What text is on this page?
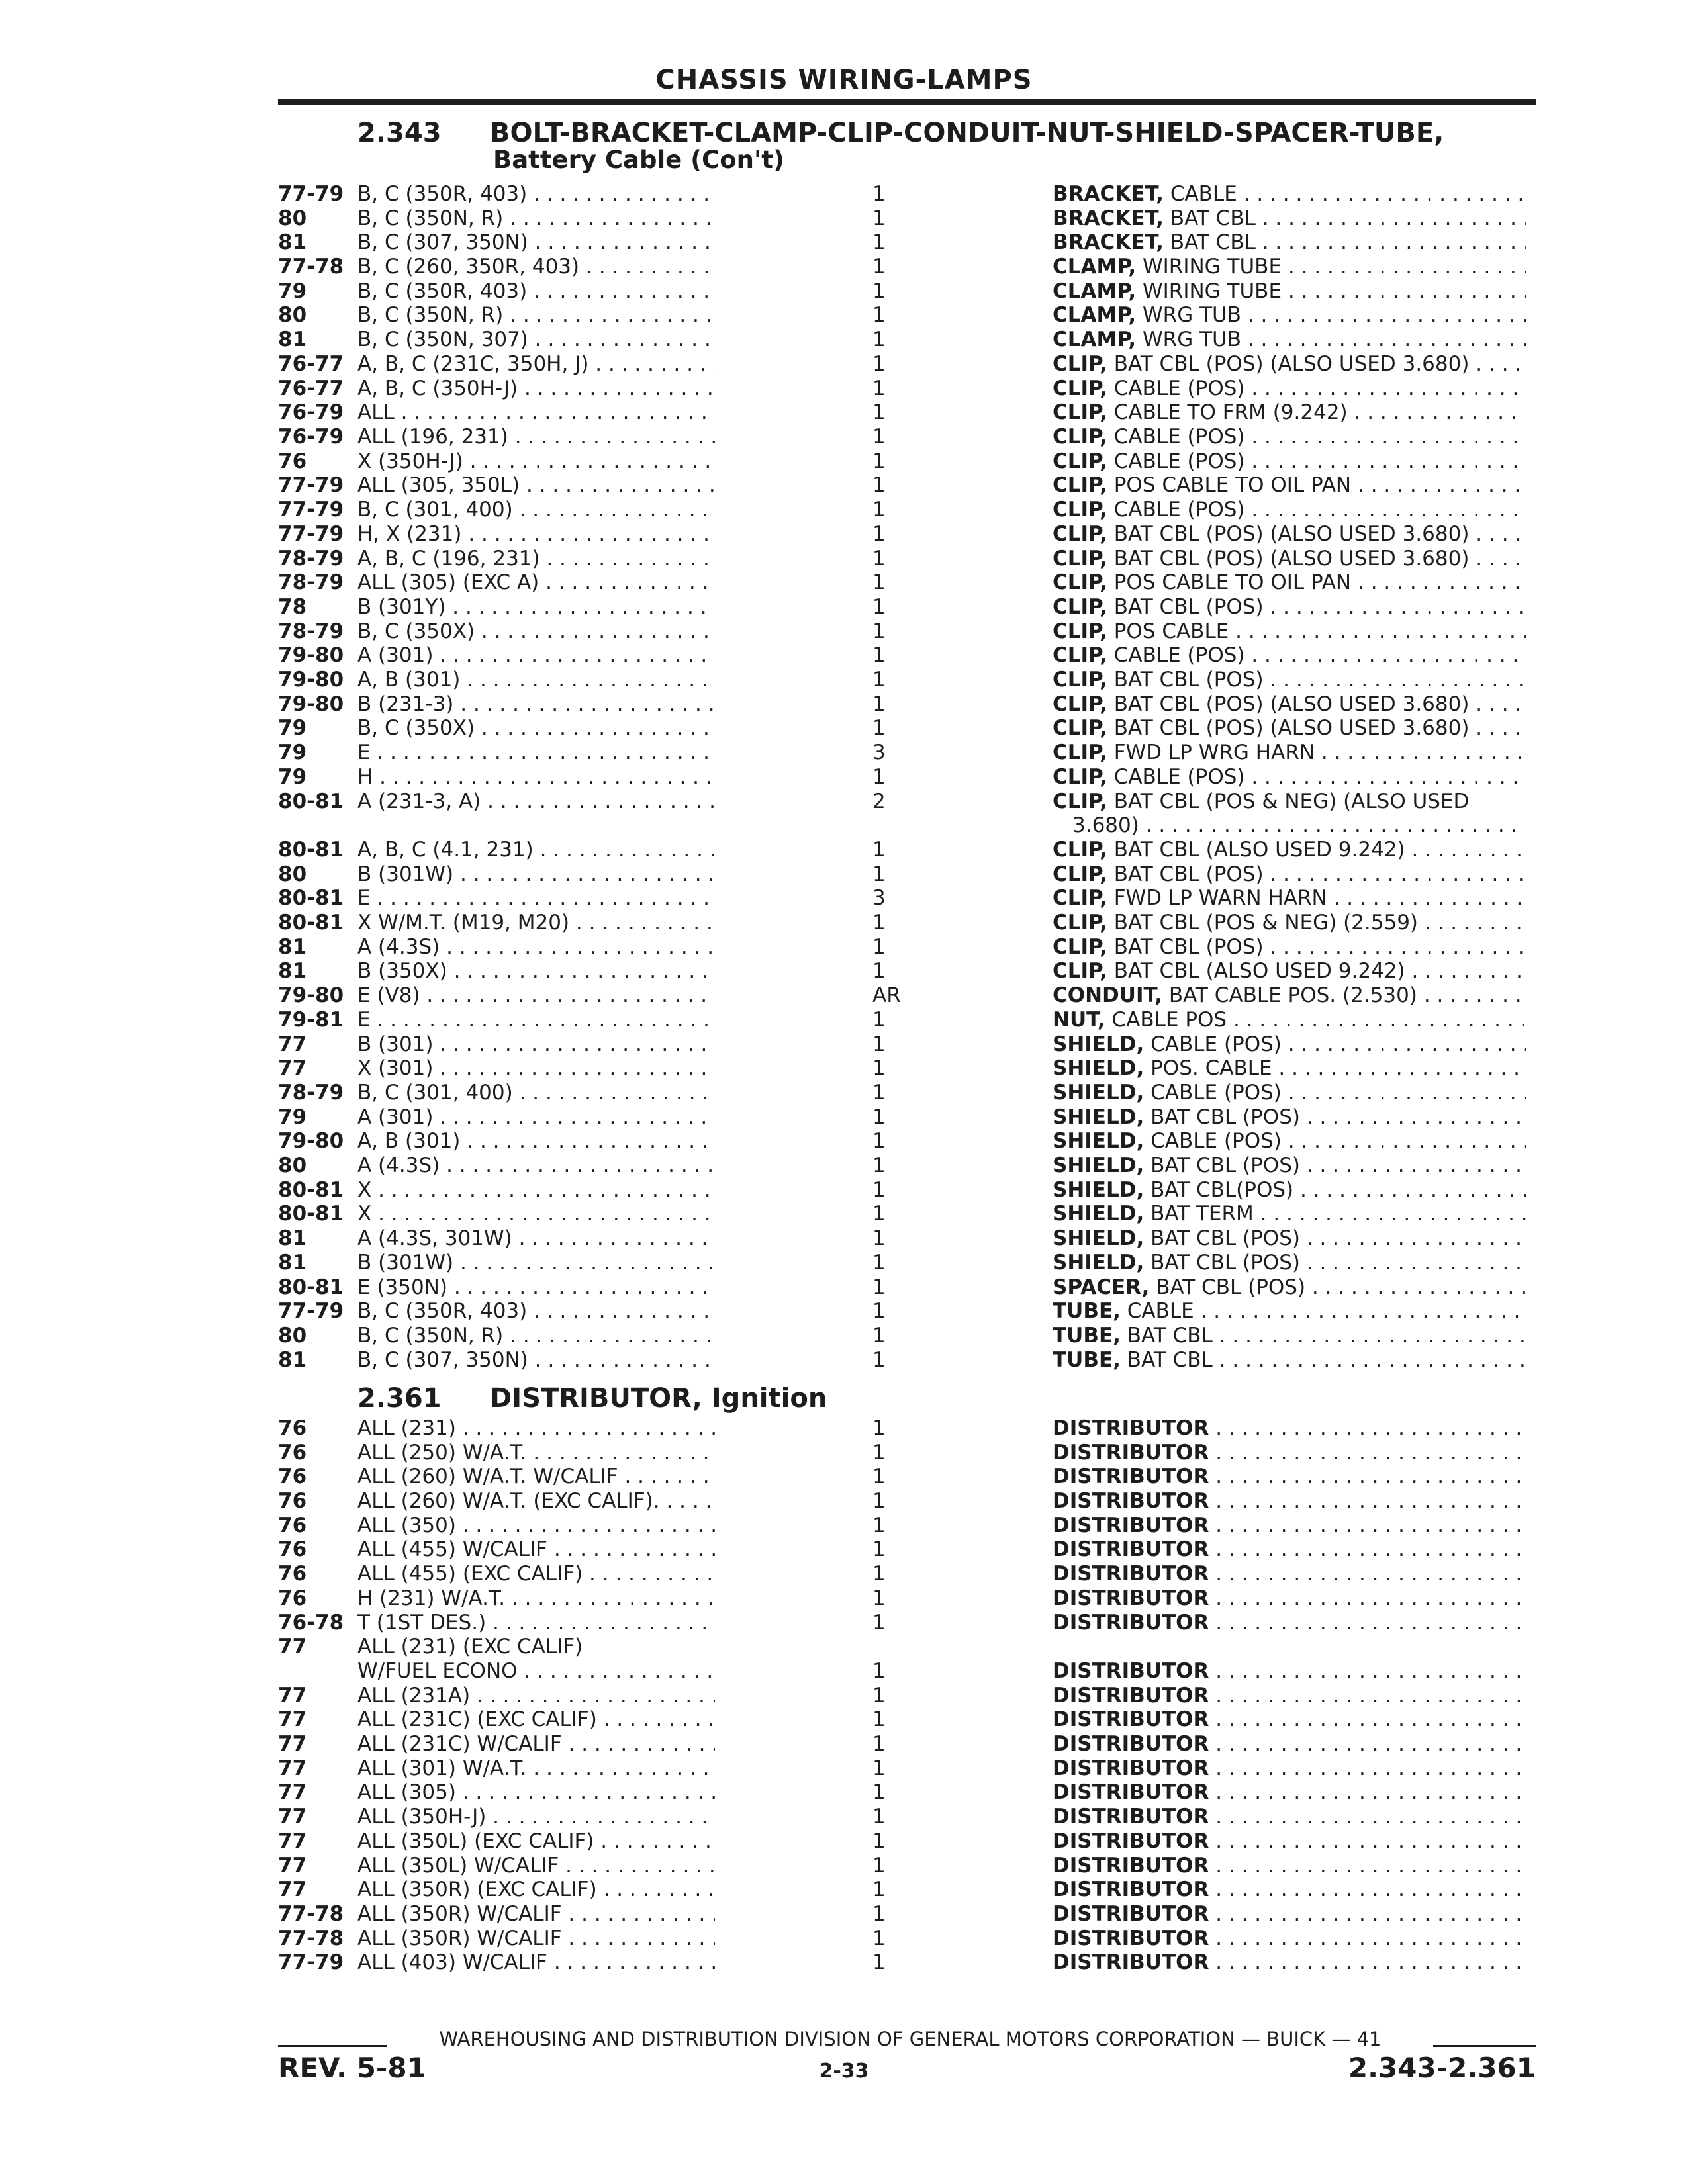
CHASSIS WIRING-LAMPS
2.343 BOLT-BRACKET-CLAMP-CLIP-CONDUIT-NUT-SHIELD-SPACER-TUBE,
Battery Cable (Con't)
77-79 B, C (350R, 403) . . .	1	BRACKET, CABLE . . .
80 B, C (350N, R) . . .	1	BRACKET, BAT CBL . . .
81 B, C (307, 350N) . . .	1	BRACKET, BAT CBL . . .
77-78 B, C (260, 350R, 403) . . .	1	CLAMP, WIRING TUBE . . .
79 B, C (350R, 403) . . .	1	CLAMP, WIRING TUBE . . .
80 B, C (350N, R) . . .	1	CLAMP, WRG TUB . . .
81 B, C (350N, 307) . . .	1	CLAMP, WRG TUB . . .
76-77 A, B, C (231C, 350H, J) . . .	1	CLIP, BAT CBL (POS) (ALSO USED 3.680) . . .
76-77 A, B, C (350H-J) . . .	1	CLIP, CABLE (POS) . . .
76-79 ALL . . .	1	CLIP, CABLE TO FRM (9.242) . . .
76-79 ALL (196, 231) . . .	1	CLIP, CABLE (POS) . . .
76 X (350H-J) . . .	1	CLIP, CABLE (POS) . . .
77-79 ALL (305, 350L) . . .	1	CLIP, POS CABLE TO OIL PAN . . .
77-79 B, C (301, 400) . . .	1	CLIP, CABLE (POS) . . .
77-79 H, X (231) . . .	1	CLIP, BAT CBL (POS) (ALSO USED 3.680) . . .
78-79 A, B, C (196, 231) . . .	1	CLIP, BAT CBL (POS) (ALSO USED 3.680) . . .
78-79 ALL (305) (EXC A) . . .	1	CLIP, POS CABLE TO OIL PAN . . .
78 B (301Y) . . .	1	CLIP, BAT CBL (POS) . . .
78-79 B, C (350X) . . .	1	CLIP, POS CABLE . . .
79-80 A (301) . . .	1	CLIP, CABLE (POS) . . .
79-80 A, B (301) . . .	1	CLIP, BAT CBL (POS) . . .
79-80 B (231-3) . . .	1	CLIP, BAT CBL (POS) (ALSO USED 3.680) . . .
79 B, C (350X) . . .	1	CLIP, BAT CBL (POS) (ALSO USED 3.680) . . .
79 E . . .	3	CLIP, FWD LP WRG HARN . . .
79 H . . .	1	CLIP, CABLE (POS) . . .
80-81 A (231-3, A) . . .	2	CLIP, BAT CBL (POS & NEG) (ALSO USED
3.680) . . .
80-81 A, B, C (4.1, 231) . . .	1	CLIP, BAT CBL (ALSO USED 9.242) . . .
80 B (301W) . . .	1	CLIP, BAT CBL (POS) . . .
80-81 E . . .	3	CLIP, FWD LP WARN HARN . . .
80-81 X W/M.T. (M19, M20) . . .	1	CLIP, BAT CBL (POS & NEG) (2.559) . . .
81 A (4.3S) . . .	1	CLIP, BAT CBL (POS) . . .
81 B (350X) . . .	1	CLIP, BAT CBL (ALSO USED 9.242) . . .
79-80 E (V8) . . .	AR	CONDUIT, BAT CABLE POS. (2.530) . . .
79-81 E . . .	1	NUT, CABLE POS . . .
77 B (301) . . .	1	SHIELD, CABLE (POS) . . .
77 X (301) . . .	1	SHIELD, POS. CABLE . . .
78-79 B, C (301, 400) . . .	1	SHIELD, CABLE (POS) . . .
79 A (301) . . .	1	SHIELD, BAT CBL (POS) . . .
79-80 A, B (301) . . .	1	SHIELD, CABLE (POS) . . .
80 A (4.3S) . . .	1	SHIELD, BAT CBL (POS) . . .
80-81 X . . .	1	SHIELD, BAT CBL(POS) . . .
80-81 X . . .	1	SHIELD, BAT TERM . . .
81 A (4.3S, 301W) . . .	1	SHIELD, BAT CBL (POS) . . .
81 B (301W) . . .	1	SHIELD, BAT CBL (POS) . . .
80-81 E (350N) . . .	1	SPACER, BAT CBL (POS) . . .
77-79 B, C (350R, 403) . . .	1	TUBE, CABLE . . .
80 B, C (350N, R) . . .	1	TUBE, BAT CBL . . .
81 B, C (307, 350N) . . .	1	TUBE, BAT CBL . . .
2.361 DISTRIBUTOR, Ignition
76 ALL (231) . . .	1	DISTRIBUTOR . . .
76 ALL (250) W/A.T. . . .	1	DISTRIBUTOR . . .
76 ALL (260) W/A.T. W/CALIF . . .	1	DISTRIBUTOR . . .
76 ALL (260) W/A.T. (EXC CALIF). . . .	1	DISTRIBUTOR . . .
76 ALL (350) . . .	1	DISTRIBUTOR . . .
76 ALL (455) W/CALIF . . .	1	DISTRIBUTOR . . .
76 ALL (455) (EXC CALIF) . . .	1	DISTRIBUTOR . . .
76 H (231) W/A.T. . . .	1	DISTRIBUTOR . . .
76-78 T (1ST DES.) . . .	1	DISTRIBUTOR . . .
77 ALL (231) (EXC CALIF)
W/FUEL ECONO . . .	1	DISTRIBUTOR . . .
77 ALL (231A) . . .	1	DISTRIBUTOR . . .
77 ALL (231C) (EXC CALIF) . . .	1	DISTRIBUTOR . . .
77 ALL (231C) W/CALIF . . .	1	DISTRIBUTOR . . .
77 ALL (301) W/A.T. . . .	1	DISTRIBUTOR . . .
77 ALL (305) . . .	1	DISTRIBUTOR . . .
77 ALL (350H-J) . . .	1	DISTRIBUTOR . . .
77 ALL (350L) (EXC CALIF) . . .	1	DISTRIBUTOR . . .
77 ALL (350L) W/CALIF . . .	1	DISTRIBUTOR . . .
77 ALL (350R) (EXC CALIF) . . .	1	DISTRIBUTOR . . .
77-78 ALL (350R) W/CALIF . . .	1	DISTRIBUTOR . . .
77-78 ALL (350R) W/CALIF . . .	1	DISTRIBUTOR . . .
77-79 ALL (403) W/CALIF . . .	1	DISTRIBUTOR . . .
WAREHOUSING AND DISTRIBUTION DIVISION OF GENERAL MOTORS CORPORATION — BUICK — 41
REV. 5-81	2-33	2.343-2.361
